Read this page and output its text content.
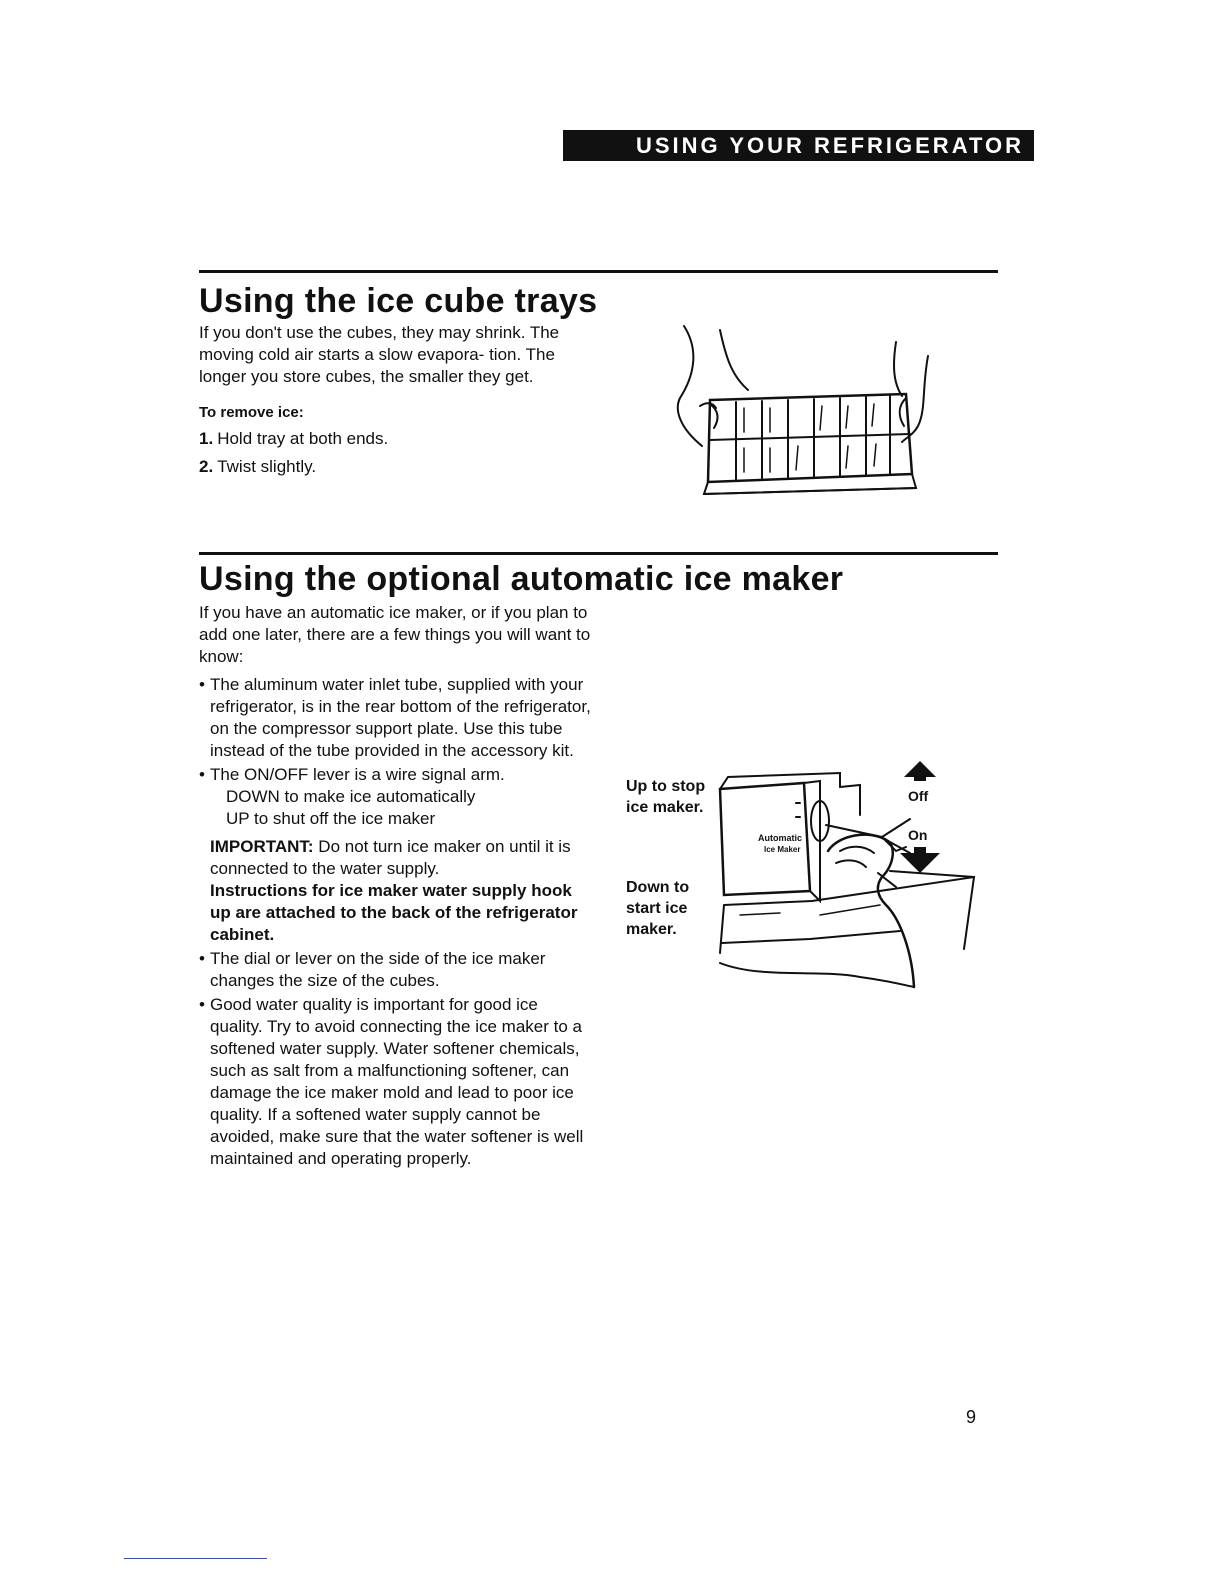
USING YOUR REFRIGERATOR
Using the ice cube trays

If you don't use the cubes, they may shrink. The moving cold air starts a slow evapora- tion. The longer you store cubes, the smaller they get.

To remove ice:

1. Hold tray at both ends.
2. Twist slightly.
Using the optional automatic ice maker

If you have an automatic ice maker, or if you plan to add one later, there are a few things you will want to know:

• The aluminum water inlet tube, supplied with your refrigerator, is in the rear bottom of the refrigerator, on the compressor support plate. Use this tube instead of the tube provided in the accessory kit.
• The ON/OFF lever is a wire signal arm.

DOWN to make ice automatically

UP to shut off the ice maker

IMPORTANT: Do not turn ice maker on until it is connected to the water supply.

Instructions for ice maker water supply hook up are attached to the back of the refrigerator cabinet.

• The dial or lever on the side of the ice maker changes the size of the cubes.
• Good water quality is important for good ice quality. Try to avoid connecting the ice maker to a softened water supply. Water softener chemicals, such as salt from a malfunctioning softener, can damage the ice maker mold and lead to poor ice quality. If a softened water supply cannot be avoided, make sure that the water softener is well maintained and operating properly.
Up to stop ice maker.
Down to start ice maker.
Automatic
Ice Maker
Off
On
9
